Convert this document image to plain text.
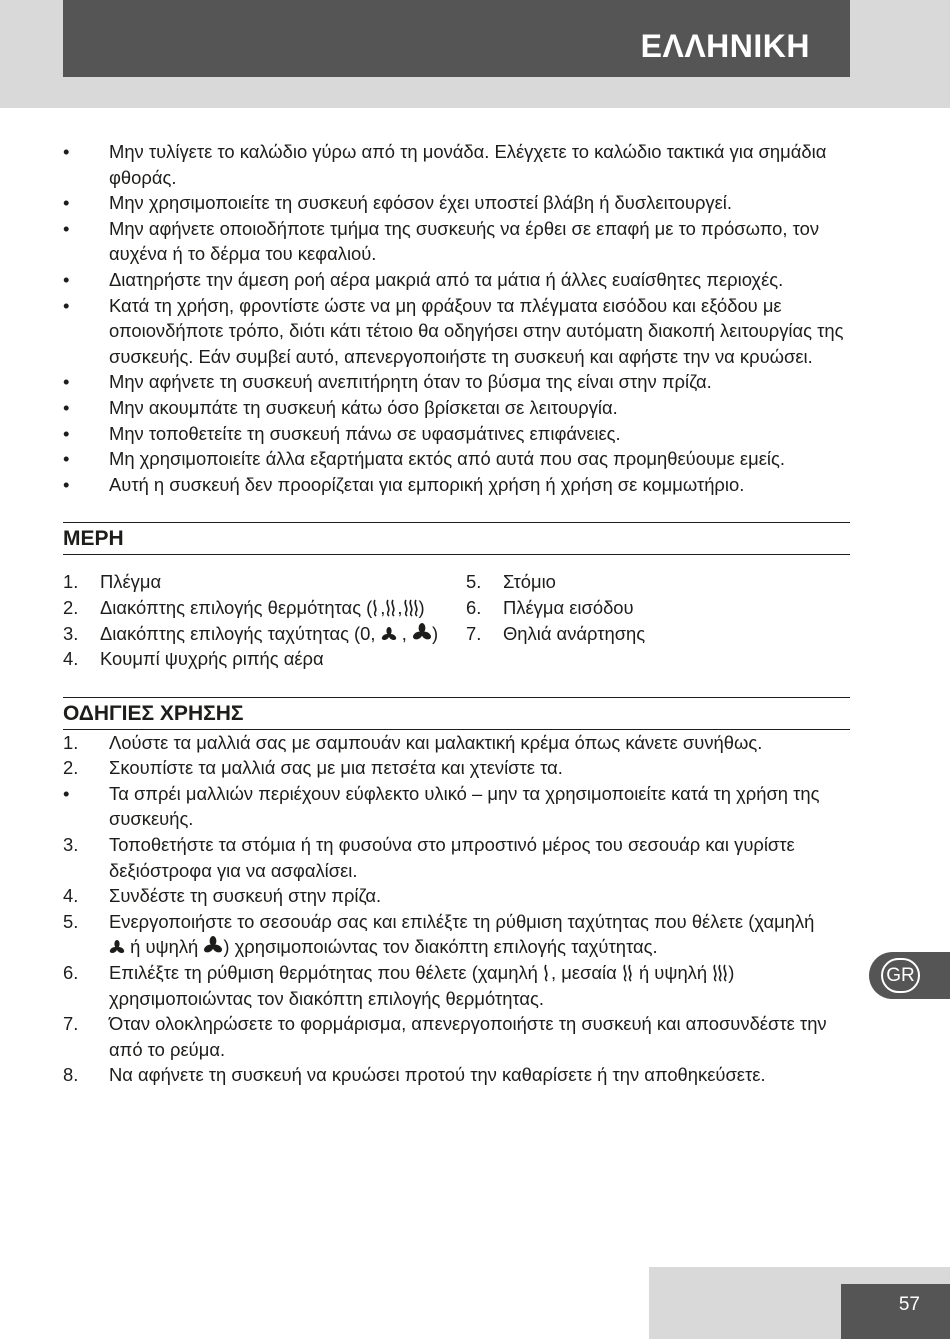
ΕΛΛΗΝΙΚΗ
• Μην τυλίγετε το καλώδιο γύρω από τη μονάδα. Ελέγχετε το καλώδιο τακτικά για σημάδια φθοράς.
• Μην χρησιμοποιείτε τη συσκευή εφόσον έχει υποστεί βλάβη ή δυσλειτουργεί.
• Μην αφήνετε οποιοδήποτε τμήμα της συσκευής να έρθει σε επαφή με το πρόσωπο, τον αυχένα ή το δέρμα του κεφαλιού.
• Διατηρήστε την άμεση ροή αέρα μακριά από τα μάτια ή άλλες ευαίσθητες περιοχές.
• Κατά τη χρήση, φροντίστε ώστε να μη φράξουν τα πλέγματα εισόδου και εξόδου με οποιονδήποτε τρόπο, διότι κάτι τέτοιο θα οδηγήσει στην αυτόματη διακοπή λειτουργίας της συσκευής. Εάν συμβεί αυτό, απενεργοποιήστε τη συσκευή και αφήστε την να κρυώσει.
• Μην αφήνετε τη συσκευή ανεπιτήρητη όταν το βύσμα της είναι στην πρίζα.
• Μην ακουμπάτε τη συσκευή κάτω όσο βρίσκεται σε λειτουργία.
• Μην τοποθετείτε τη συσκευή πάνω σε υφασμάτινες επιφάνειες.
• Μη χρησιμοποιείτε άλλα εξαρτήματα εκτός από αυτά που σας προμηθεύουμε εμείς.
• Αυτή η συσκευή δεν προορίζεται για εμπορική χρήση ή χρήση σε κομμωτήριο.
ΜΕΡΗ
1. Πλέγμα
2. Διακόπτης επιλογής θερμότητας ( , , )
3. Διακόπτης επιλογής ταχύτητας (0,  , )
4. Κουμπί ψυχρής ριπής αέρα
5. Στόμιο
6. Πλέγμα εισόδου
7. Θηλιά ανάρτησης
ΟΔΗΓΙΕΣ ΧΡΗΣΗΣ
1. Λούστε τα μαλλιά σας με σαμπουάν και μαλακτική κρέμα όπως κάνετε συνήθως.
2. Σκουπίστε τα μαλλιά σας με μια πετσέτα και χτενίστε τα.
• Τα σπρέι μαλλιών περιέχουν εύφλεκτο υλικό – μην τα χρησιμοποιείτε κατά τη χρήση της συσκευής.
3. Τοποθετήστε τα στόμια ή τη φυσούνα στο μπροστινό μέρος του σεσουάρ και γυρίστε δεξιόστροφα για να ασφαλίσει.
4. Συνδέστε τη συσκευή στην πρίζα.
5. Ενεργοποιήστε το σεσουάρ σας και επιλέξτε τη ρύθμιση ταχύτητας που θέλετε (χαμηλή
ή υψηλή ) χρησιμοποιώντας τον διακόπτη επιλογής ταχύτητας.
6. Επιλέξτε τη ρύθμιση θερμότητας που θέλετε (χαμηλή , μεσαία  ή υψηλή ) χρησιμοποιώντας τον διακόπτη επιλογής θερμότητας.
7. Όταν ολοκληρώσετε το φορμάρισμα, απενεργοποιήστε τη συσκευή και αποσυνδέστε την από το ρεύμα.
8. Να αφήνετε τη συσκευή να κρυώσει προτού την καθαρίσετε ή την αποθηκεύσετε.
GR
57
